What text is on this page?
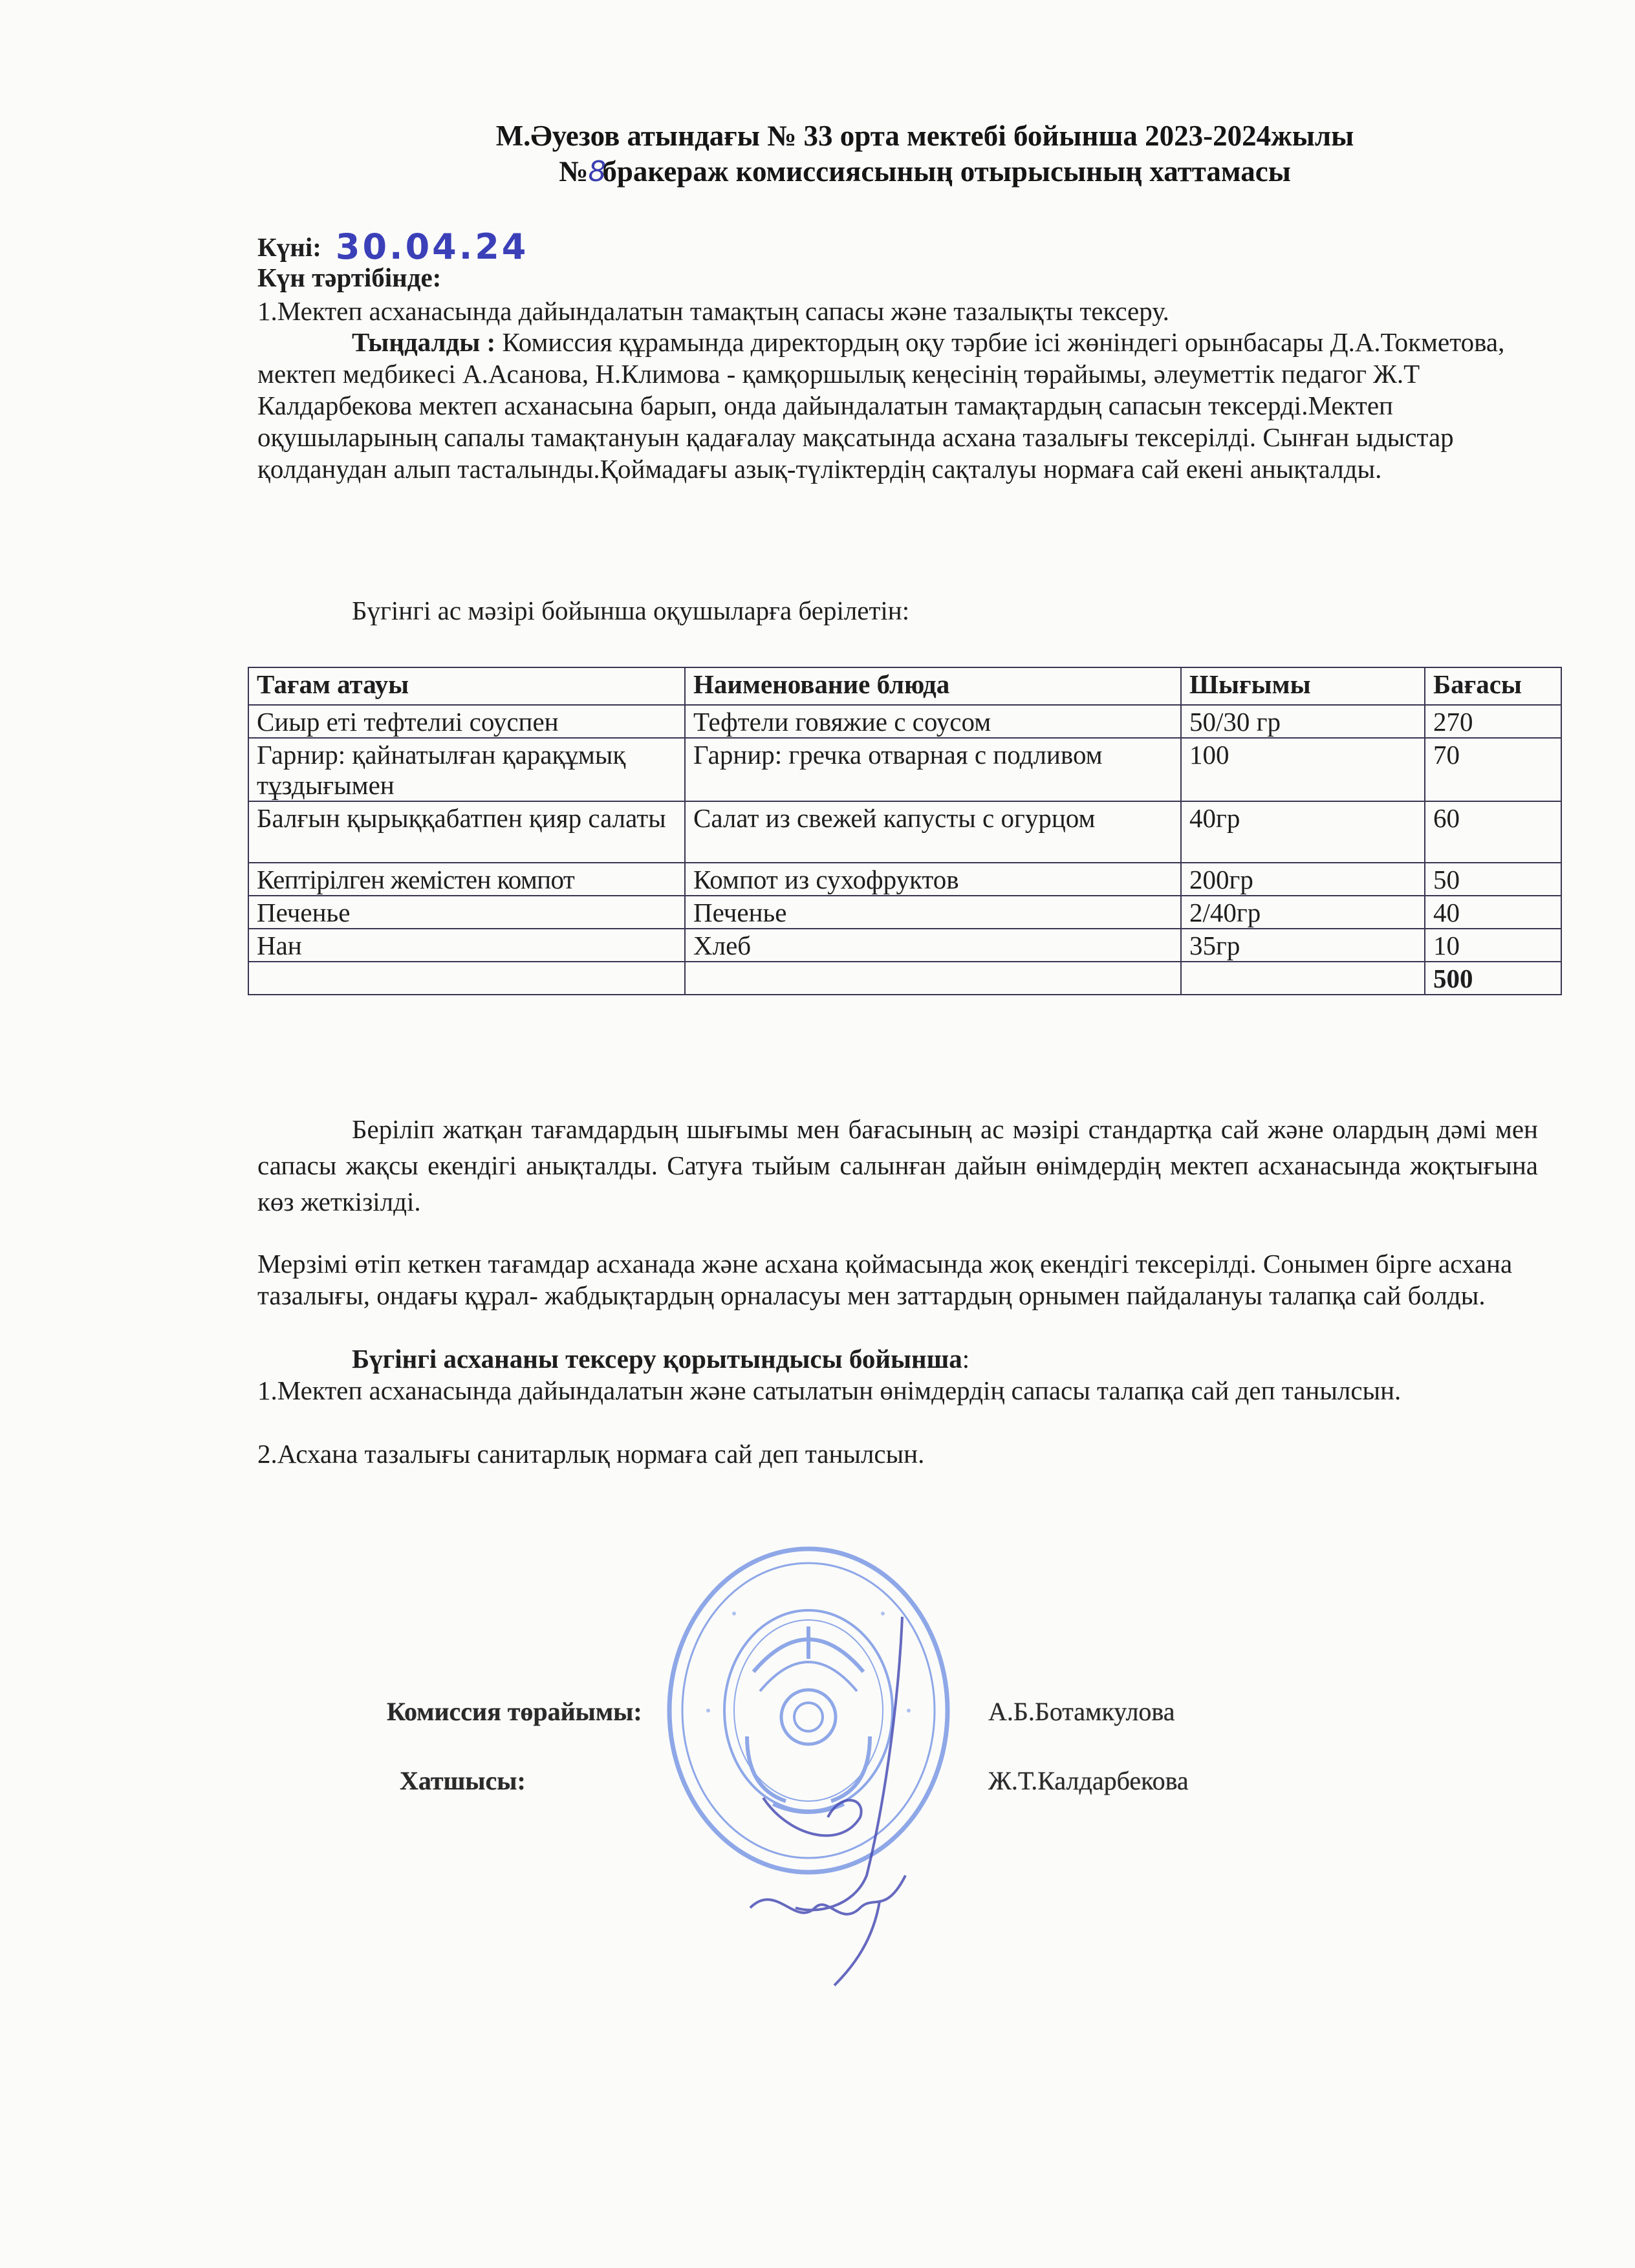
М.Әуезов атындағы № 33 орта мектебі бойынша 2023-2024жылы
№8бракераж комиссиясының отырысының хаттамасы
Күні: 30.04.24
Күн тәртібінде:
1.Мектеп асханасында дайындалатын тамақтың сапасы және тазалықты тексеру.
Тыңдалды : Комиссия құрамында директордың оқу тәрбие ісі жөніндегі орынбасары Д.А.Токметова, мектеп медбикесі А.Асанова, Н.Климова - қамқоршылық кеңесінің төрайымы, әлеуметтік педагог Ж.Т Калдарбекова мектеп асханасына барып, онда дайындалатын тамақтардың сапасын тексерді.Мектеп оқушыларының сапалы тамақтануын қадағалау мақсатында асхана тазалығы тексерілді. Сынған ыдыстар қолданудан алып тасталынды.Қоймадағы азық-түліктердің сақталуы нормаға сай екені анықталды.
Бүгінгі ас мәзірі бойынша оқушыларға берілетін:
Тағам атауы	Наименование блюда	Шығымы	Бағасы
Сиыр еті тефтелиі соуспен	Тефтели говяжие с соусом	50/30 гр	270
Гарнир: қайнатылған қарақұмық тұздығымен	Гарнир: гречка отварная с подливом	100	70
Балғын қырыққабатпен қияр салаты	Салат из свежей капусты с огурцом	40гр	60
Кептірілген жемістен компот	Компот из сухофруктов	200гр	50
Печенье	Печенье	2/40гр	40
Нан	Хлеб	35гр	10
			500
Беріліп жатқан тағамдардың шығымы мен бағасының ас мәзірі стандартқа сай және олардың дәмі мен сапасы жақсы екендігі анықталды. Сатуға тыйым салынған дайын өнімдердің мектеп асханасында жоқтығына көз жеткізілді.
Мерзімі өтіп кеткен тағамдар асханада және асхана қоймасында жоқ екендігі тексерілді. Сонымен бірге асхана тазалығы, ондағы құрал- жабдықтардың орналасуы мен заттардың орнымен пайдалануы талапқа сай болды.
Бүгінгі асхананы тексеру қорытындысы бойынша:
1.Мектеп асханасында дайындалатын және сатылатын өнімдердің сапасы талапқа сай деп танылсын.
2.Асхана тазалығы санитарлық нормаға сай деп танылсын.
Комиссия төрайымы:	А.Б.Ботамкулова
Хатшысы:	Ж.Т.Калдарбекова
